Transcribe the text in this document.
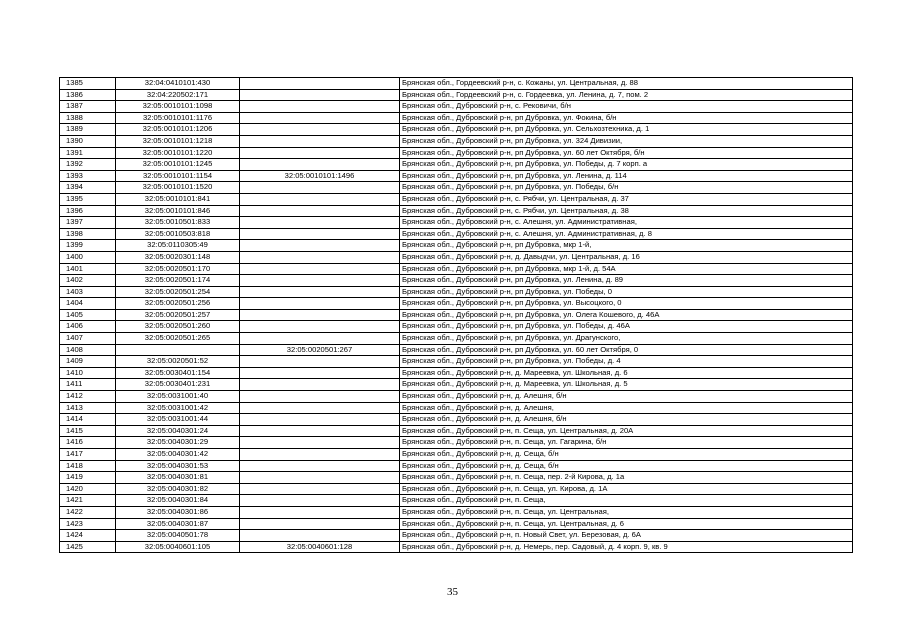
1385	32:04:0410101:430		Брянская обл., Гордеевский р-н, с. Кожаны, ул. Центральная, д. 88
1386	32:04:220502:171		Брянская обл., Гордеевский р-н, с. Гордеевка, ул. Ленина, д. 7, пом. 2
1387	32:05:0010101:1098		Брянская обл., Дубровский р-н, с. Рековичи, б/н
1388	32:05:0010101:1176		Брянская обл., Дубровский р-н, рп Дубровка, ул. Фокина, б/н
1389	32:05:0010101:1206		Брянская обл., Дубровский р-н, рп Дубровка, ул. Сельхозтехника, д. 1
1390	32:05:0010101:1218		Брянская обл., Дубровский р-н, рп Дубровка, ул. 324 Дивизии,
1391	32:05:0010101:1220		Брянская обл., Дубровский р-н, рп Дубровка, ул. 60 лет Октября, б/н
1392	32:05:0010101:1245		Брянская обл., Дубровский р-н, рп Дубровка, ул. Победы, д. 7 корп. а
1393	32:05:0010101:1154	32:05:0010101:1496	Брянская обл., Дубровский р-н, рп Дубровка, ул. Ленина, д. 114
1394	32:05:0010101:1520		Брянская обл., Дубровский р-н, рп Дубровка, ул. Победы, б/н
1395	32:05:0010101:841		Брянская обл., Дубровский р-н, с. Рябчи, ул. Центральная, д. 37
1396	32:05:0010101:846		Брянская обл., Дубровский р-н, с. Рябчи, ул. Центральная, д. 38
1397	32:05:0010501:833		Брянская обл., Дубровский р-н, с. Алешня, ул. Административная,
1398	32:05:0010503:818		Брянская обл., Дубровский р-н, с. Алешня, ул. Административная, д. 8
1399	32:05:0110305:49		Брянская обл., Дубровский р-н, рп Дубровка, мкр 1-й,
1400	32:05:0020301:148		Брянская обл., Дубровский р-н, д. Давыдчи, ул. Центральная, д. 16
1401	32:05:0020501:170		Брянская обл., Дубровский р-н, рп Дубровка, мкр 1-й, д. 54А
1402	32:05:0020501:174		Брянская обл., Дубровский р-н, рп Дубровка, ул. Ленина, д. 89
1403	32:05:0020501:254		Брянская обл., Дубровский р-н, рп Дубровка, ул. Победы, 0
1404	32:05:0020501:256		Брянская обл., Дубровский р-н, рп Дубровка, ул. Высоцкого, 0
1405	32:05:0020501:257		Брянская обл., Дубровский р-н, рп Дубровка, ул. Олега Кошевого, д. 46А
1406	32:05:0020501:260		Брянская обл., Дубровский р-н, рп Дубровка, ул. Победы, д. 46А
1407	32:05:0020501:265		Брянская обл., Дубровский р-н, рп Дубровка, ул. Драгунского,
1408		32:05:0020501:267	Брянская обл., Дубровский р-н, рп Дубровка, ул. 60 лет Октября, 0
1409	32:05:0020501:52		Брянская обл., Дубровский р-н, рп Дубровка, ул. Победы, д. 4
1410	32:05:0030401:154		Брянская обл., Дубровский р-н, д. Мареевка, ул. Школьная, д. 6
1411	32:05:0030401:231		Брянская обл., Дубровский р-н, д. Мареевка, ул. Школьная, д. 5
1412	32:05:0031001:40		Брянская обл., Дубровский р-н, д. Алешня, б/н
1413	32:05:0031001:42		Брянская обл., Дубровский р-н, д. Алешня,
1414	32:05:0031001:44		Брянская обл., Дубровский р-н, д. Алешня, б/н
1415	32:05:0040301:24		Брянская обл., Дубровский р-н, п. Сеща, ул. Центральная, д. 20А
1416	32:05:0040301:29		Брянская обл., Дубровский р-н, п. Сеща, ул. Гагарина, б/н
1417	32:05:0040301:42		Брянская обл., Дубровский р-н, д. Сеща, б/н
1418	32:05:0040301:53		Брянская обл., Дубровский р-н, д. Сеща, б/н
1419	32:05:0040301:81		Брянская обл., Дубровский р-н, п. Сеща, пер. 2-й Кирова, д. 1а
1420	32:05:0040301:82		Брянская обл., Дубровский р-н, п. Сеща, ул. Кирова, д. 1А
1421	32:05:0040301:84		Брянская обл., Дубровский р-н, п. Сеща,
1422	32:05:0040301:86		Брянская обл., Дубровский р-н, п. Сеща, ул. Центральная,
1423	32:05:0040301:87		Брянская обл., Дубровский р-н, п. Сеща, ул. Центральная, д. 6
1424	32:05:0040501:78		Брянская обл., Дубровский р-н, п. Новый Свет, ул. Березовая, д. 6А
1425	32:05:0040601:105	32:05:0040601:128	Брянская обл., Дубровский р-н, д. Немерь, пер. Садовый, д. 4 корп. 9, кв. 9
35
